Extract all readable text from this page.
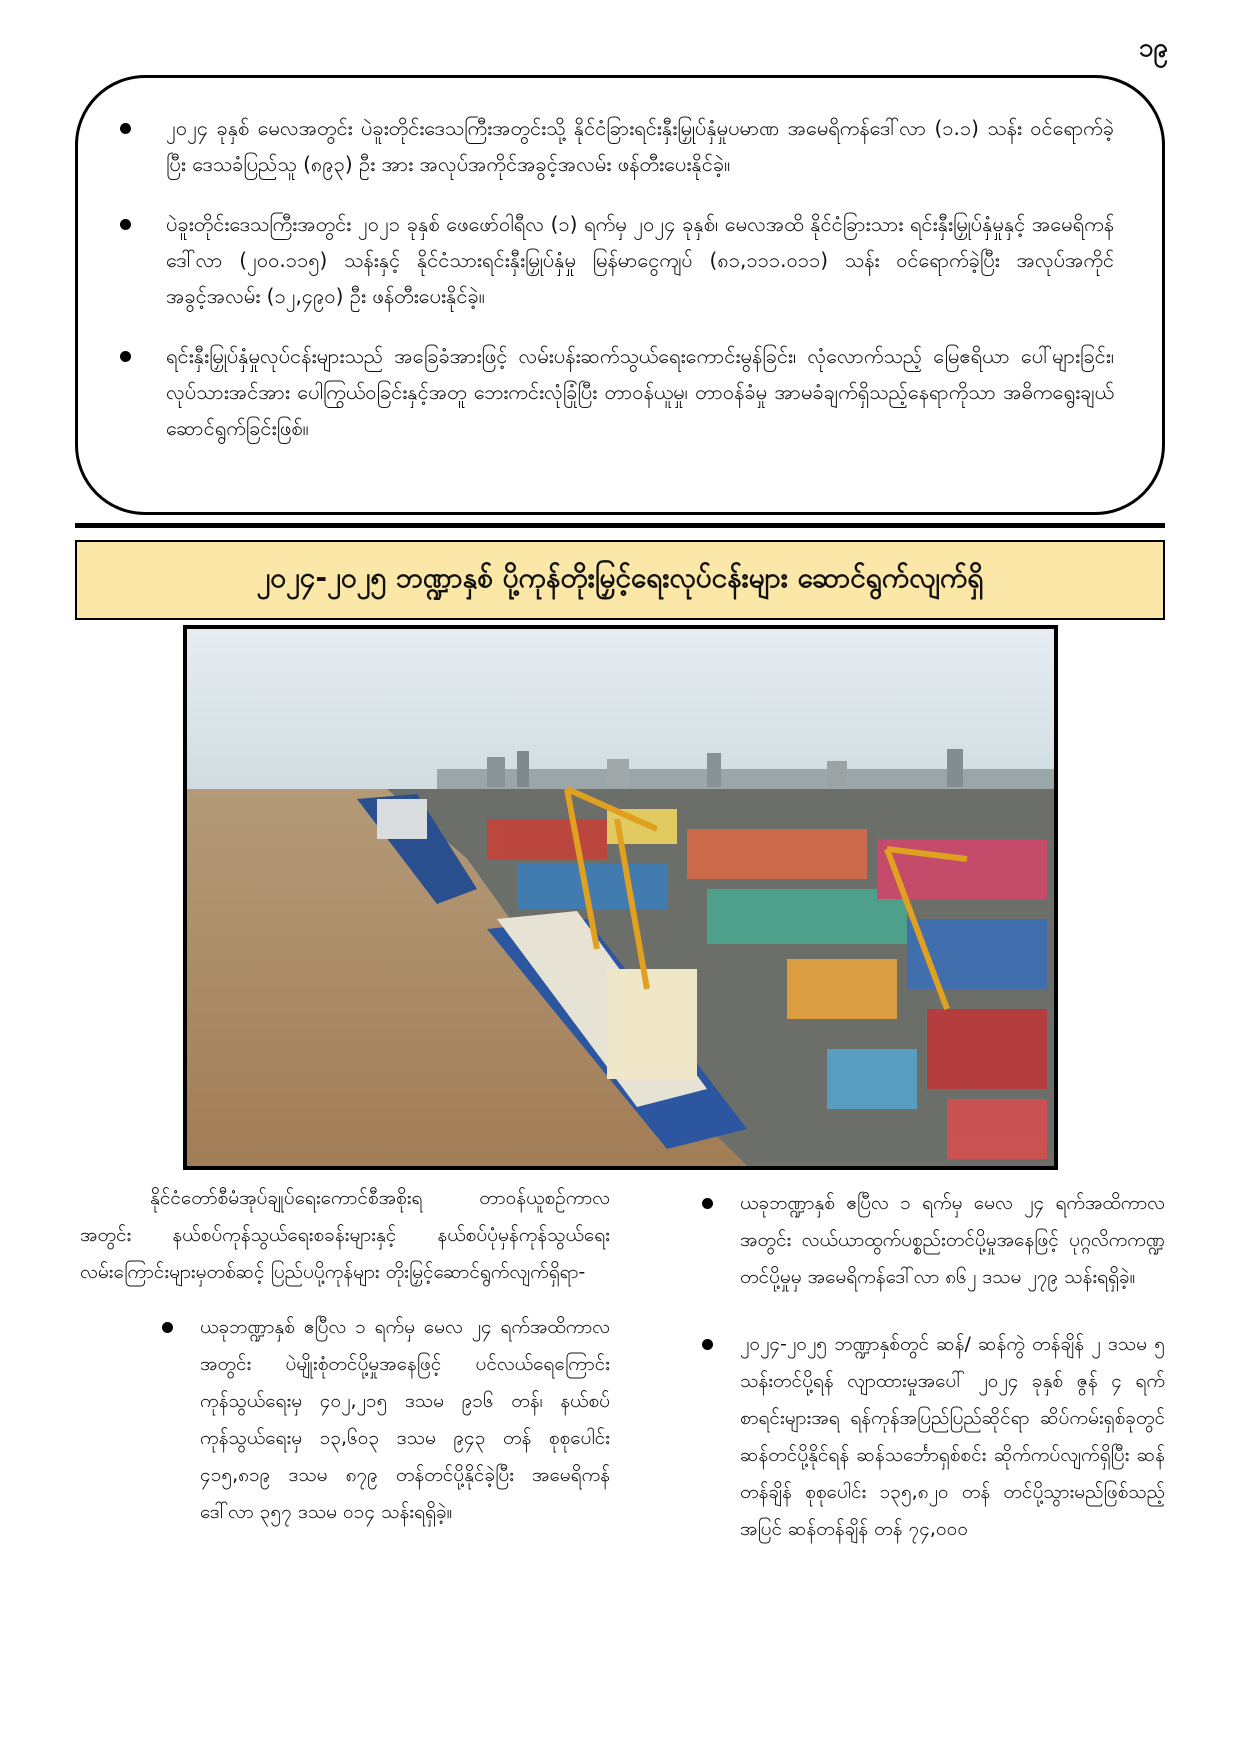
၁၉
၂၀၂၄ ခုနှစ် မေလအတွင်း ပဲခူးတိုင်းဒေသကြီးအတွင်းသို့ နိုင်ငံခြားရင်းနှီးမြှုပ်နှံမှုပမာဏ အမေရိကန်ဒေါ်လာ (၁.၁) သန်း ဝင်ရောက်ခဲ့ပြီး ဒေသခံပြည်သူ (၈၉၃) ဦး အား အလုပ်အကိုင်အခွင့်အလမ်း ဖန်တီးပေးနိုင်ခဲ့။
ပဲခူးတိုင်းဒေသကြီးအတွင်း ၂၀၂၁ ခုနှစ် ဖေဖော်ဝါရီလ (၁) ရက်မှ ၂၀၂၄ ခုနှစ်၊ မေလအထိ နိုင်ငံခြားသား ရင်းနှီးမြှုပ်နှံမှုနှင့် အမေရိကန်ဒေါ်လာ (၂၀၀.၁၁၅) သန်းနှင့် နိုင်ငံသားရင်းနှီးမြှုပ်နှံမှု မြန်မာငွေကျပ် (၈၁,၁၁၁.၀၁၁) သန်း ဝင်ရောက်ခဲ့ပြီး အလုပ်အကိုင်အခွင့်အလမ်း (၁၂,၄၉၀) ဦး ဖန်တီးပေးနိုင်ခဲ့။
ရင်းနှီးမြှုပ်နှံမှုလုပ်ငန်းများသည် အခြေခံအားဖြင့် လမ်းပန်းဆက်သွယ်ရေးကောင်းမွန်ခြင်း၊ လုံလောက်သည့် မြေဧရိယာ ပေါ်များခြင်း၊ လုပ်သားအင်အား ပေါကြွယ်ဝခြင်းနှင့်အတူ ဘေးကင်းလုံခြုံပြီး တာဝန်ယူမှု၊ တာဝန်ခံမှု အာမခံချက်ရှိသည့်နေရာကိုသာ အဓိကရွေးချယ်ဆောင်ရွက်ခြင်းဖြစ်။
၂၀၂၄-၂၀၂၅ ဘဏ္ဍာနှစ် ပို့ကုန်တိုးမြှင့်ရေးလုပ်ငန်းများ ဆောင်ရွက်လျက်ရှိ

နိုင်ငံတော်စီမံအုပ်ချုပ်ရေးကောင်စီအစိုးရ တာဝန်ယူစဉ်ကာလအတွင်း နယ်စပ်ကုန်သွယ်ရေးစခန်းများနှင့် နယ်စပ်ပုံမှန်ကုန်သွယ်ရေးလမ်းကြောင်းများမှတစ်ဆင့် ပြည်ပပို့ကုန်များ တိုးမြှင့်ဆောင်ရွက်လျက်ရှိရာ-

ယခုဘဏ္ဍာနှစ် ဧပြီလ ၁ ရက်မှ မေလ ၂၄ ရက်အထိကာလအတွင်း ပဲမျိုးစုံတင်ပို့မှုအနေဖြင့် ပင်လယ်ရေကြောင်းကုန်သွယ်ရေးမှ ၄၀၂,၂၁၅ ဒသမ ၉၁၆ တန်၊ နယ်စပ်ကုန်သွယ်ရေးမှ ၁၃,၆၀၃ ဒသမ ၉၄၃ တန် စုစုပေါင်း ၄၁၅,၈၁၉ ဒသမ ၈၇၉ တန်တင်ပို့နိုင်ခဲ့ပြီး အမေရိကန်ဒေါ်လာ ၃၅၇ ဒသမ ၀၁၄ သန်းရရှိခဲ့။
ယခုဘဏ္ဍာနှစ် ဧပြီလ ၁ ရက်မှ မေလ ၂၄ ရက်အထိကာလအတွင်း လယ်ယာထွက်ပစ္စည်းတင်ပို့မှုအနေဖြင့် ပုဂ္ဂလိကကဏ္ဍတင်ပို့မှုမှ အမေရိကန်ဒေါ်လာ ၈၆၂ ဒသမ ၂၇၉ သန်းရရှိခဲ့။
၂၀၂၄-၂၀၂၅ ဘဏ္ဍာနှစ်တွင် ဆန်/ ဆန်ကွဲ တန်ချိန် ၂ ဒသမ ၅ သန်းတင်ပို့ရန် လျာထားမှုအပေါ် ၂၀၂၄ ခုနှစ် ဇွန် ၄ ရက် စာရင်းများအရ ရန်ကုန်အပြည်ပြည်ဆိုင်ရာ ဆိပ်ကမ်းရှစ်ခုတွင် ဆန်တင်ပို့နိုင်ရန် ဆန်သင်္ဘောရှစ်စင်း ဆိုက်ကပ်လျက်ရှိပြီး ဆန် တန်ချိန် စုစုပေါင်း ၁၃၅,၈၂၀ တန် တင်ပို့သွားမည်ဖြစ်သည့်အပြင် ဆန်တန်ချိန် တန် ၇၄,၀၀၀
